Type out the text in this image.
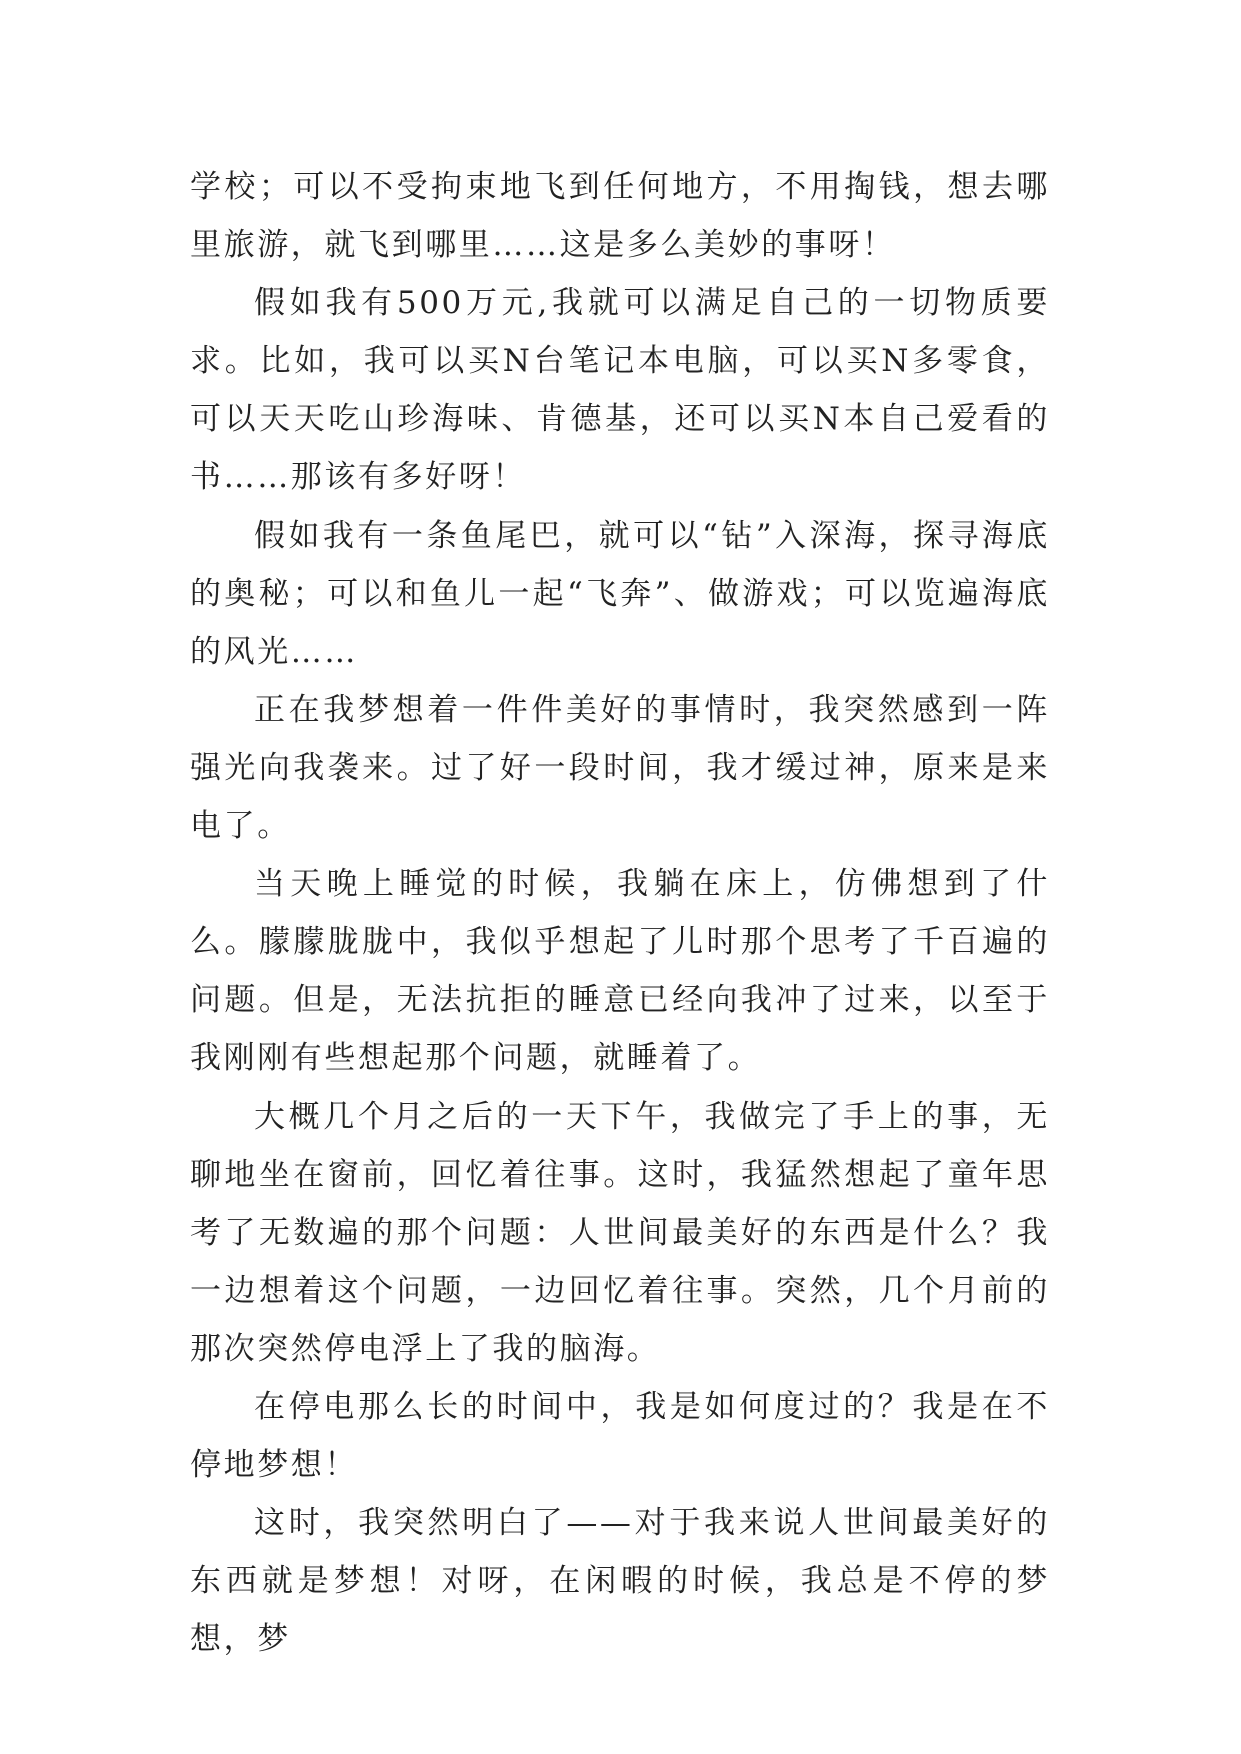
学校；可以不受拘束地飞到任何地方，不用掏钱，想去哪里旅游，就飞到哪里……这是多么美妙的事呀！

假如我有500万元,我就可以满足自己的一切物质要求。比如，我可以买N台笔记本电脑，可以买N多零食，可以天天吃山珍海味、肯德基，还可以买N本自己爱看的书……那该有多好呀！

假如我有一条鱼尾巴，就可以“钻”入深海，探寻海底的奥秘；可以和鱼儿一起“飞奔”、做游戏；可以览遍海底的风光……

正在我梦想着一件件美好的事情时，我突然感到一阵强光向我袭来。过了好一段时间，我才缓过神，原来是来电了。

当天晚上睡觉的时候，我躺在床上，仿佛想到了什么。朦朦胧胧中，我似乎想起了儿时那个思考了千百遍的问题。但是，无法抗拒的睡意已经向我冲了过来，以至于我刚刚有些想起那个问题，就睡着了。

大概几个月之后的一天下午，我做完了手上的事，无聊地坐在窗前，回忆着往事。这时，我猛然想起了童年思考了无数遍的那个问题：人世间最美好的东西是什么？我一边想着这个问题，一边回忆着往事。突然，几个月前的那次突然停电浮上了我的脑海。

在停电那么长的时间中，我是如何度过的？我是在不停地梦想！

这时，我突然明白了——对于我来说人世间最美好的东西就是梦想！对呀，在闲暇的时候，我总是不停的梦想，梦
